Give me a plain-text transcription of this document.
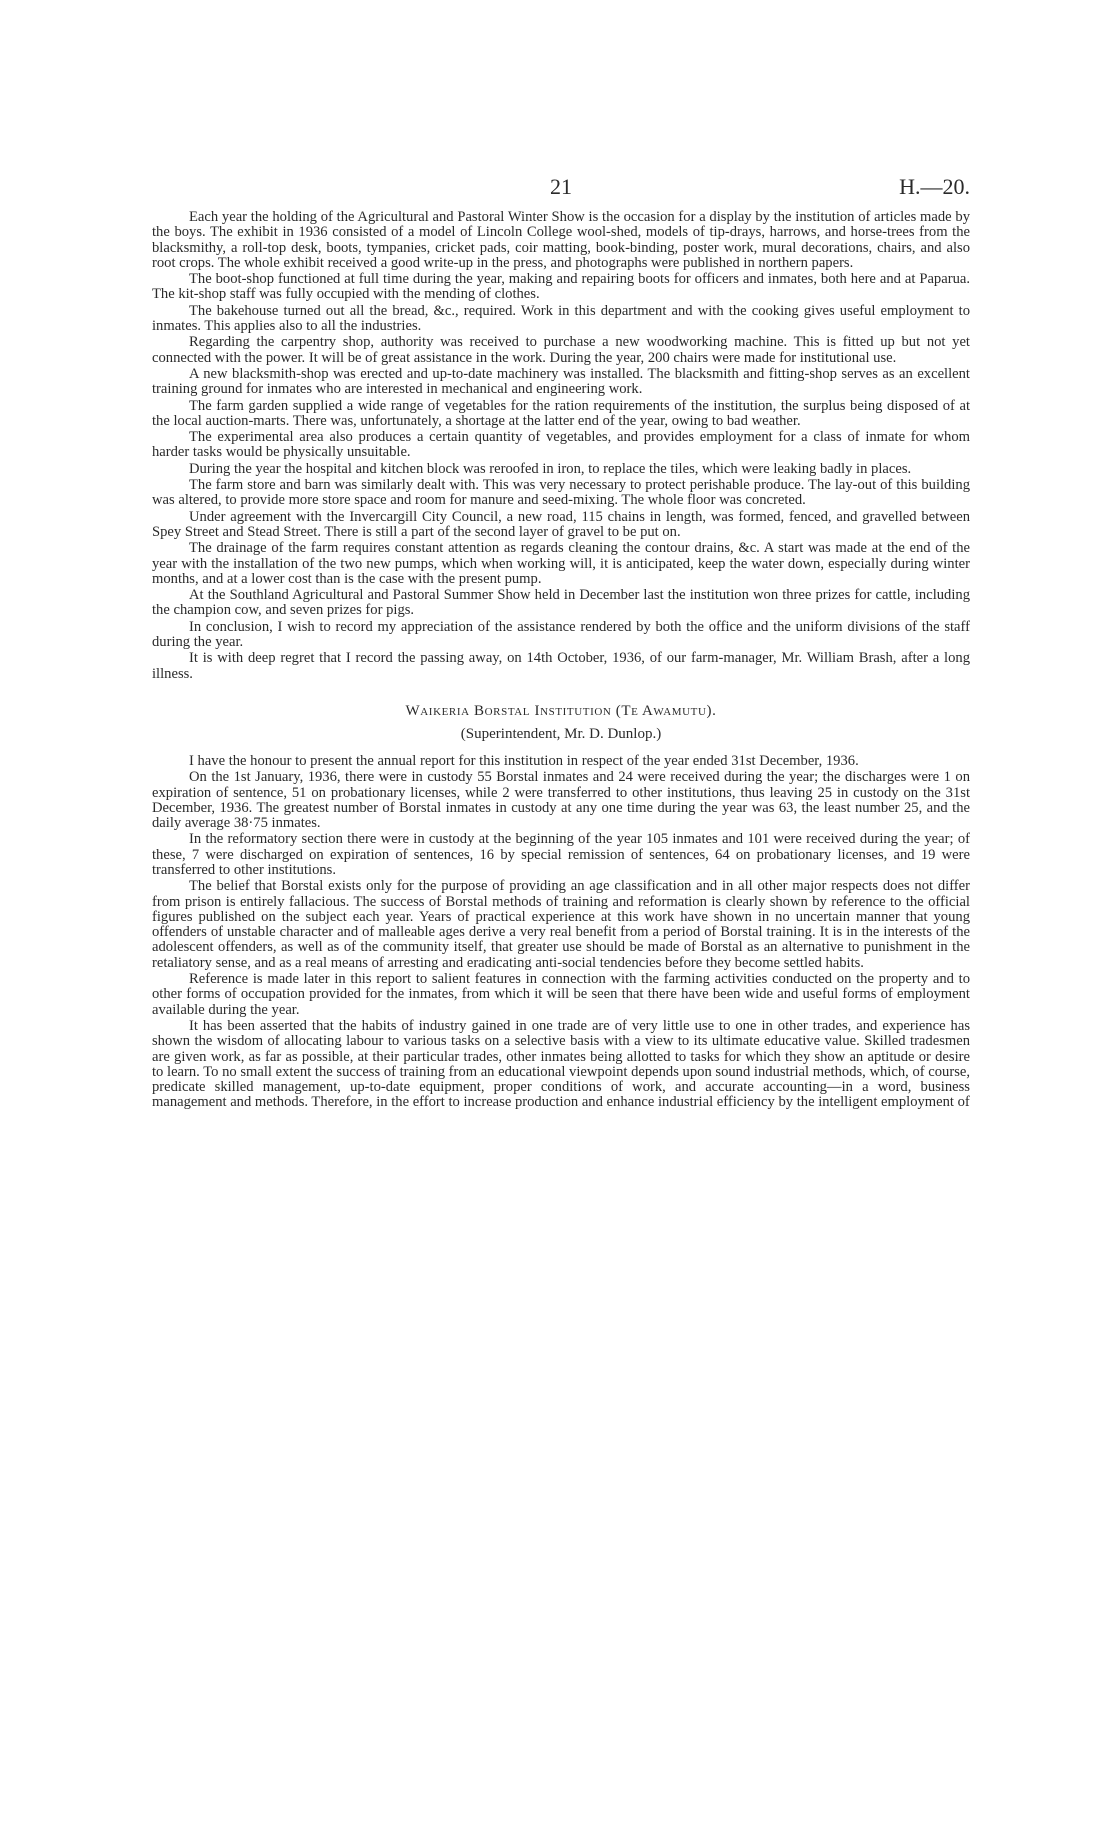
21	H.—20.

Each year the holding of the Agricultural and Pastoral Winter Show is the occasion for a display by the institution of articles made by the boys. The exhibit in 1936 consisted of a model of Lincoln College wool-shed, models of tip-drays, harrows, and horse-trees from the blacksmithy, a roll-top desk, boots, tympanies, cricket pads, coir matting, book-binding, poster work, mural decorations, chairs, and also root crops. The whole exhibit received a good write-up in the press, and photographs were published in northern papers.

The boot-shop functioned at full time during the year, making and repairing boots for officers and inmates, both here and at Paparua. The kit-shop staff was fully occupied with the mending of clothes.

The bakehouse turned out all the bread, &c., required. Work in this department and with the cooking gives useful employment to inmates. This applies also to all the industries.

Regarding the carpentry shop, authority was received to purchase a new woodworking machine. This is fitted up but not yet connected with the power. It will be of great assistance in the work. During the year, 200 chairs were made for institutional use.

A new blacksmith-shop was erected and up-to-date machinery was installed. The blacksmith and fitting-shop serves as an excellent training ground for inmates who are interested in mechanical and engineering work.

The farm garden supplied a wide range of vegetables for the ration requirements of the institution, the surplus being disposed of at the local auction-marts. There was, unfortunately, a shortage at the latter end of the year, owing to bad weather.

The experimental area also produces a certain quantity of vegetables, and provides employment for a class of inmate for whom harder tasks would be physically unsuitable.

During the year the hospital and kitchen block was reroofed in iron, to replace the tiles, which were leaking badly in places.

The farm store and barn was similarly dealt with. This was very necessary to protect perishable produce. The lay-out of this building was altered, to provide more store space and room for manure and seed-mixing. The whole floor was concreted.

Under agreement with the Invercargill City Council, a new road, 115 chains in length, was formed, fenced, and gravelled between Spey Street and Stead Street. There is still a part of the second layer of gravel to be put on.

The drainage of the farm requires constant attention as regards cleaning the contour drains, &c. A start was made at the end of the year with the installation of the two new pumps, which when working will, it is anticipated, keep the water down, especially during winter months, and at a lower cost than is the case with the present pump.

At the Southland Agricultural and Pastoral Summer Show held in December last the institution won three prizes for cattle, including the champion cow, and seven prizes for pigs.

In conclusion, I wish to record my appreciation of the assistance rendered by both the office and the uniform divisions of the staff during the year.

It is with deep regret that I record the passing away, on 14th October, 1936, of our farm-manager, Mr. William Brash, after a long illness.

Waikeria Borstal Institution (Te Awamutu).
(Superintendent, Mr. D. Dunlop.)

I have the honour to present the annual report for this institution in respect of the year ended 31st December, 1936.

On the 1st January, 1936, there were in custody 55 Borstal inmates and 24 were received during the year; the discharges were 1 on expiration of sentence, 51 on probationary licenses, while 2 were transferred to other institutions, thus leaving 25 in custody on the 31st December, 1936. The greatest number of Borstal inmates in custody at any one time during the year was 63, the least number 25, and the daily average 38·75 inmates.

In the reformatory section there were in custody at the beginning of the year 105 inmates and 101 were received during the year; of these, 7 were discharged on expiration of sentences, 16 by special remission of sentences, 64 on probationary licenses, and 19 were transferred to other institutions.

The belief that Borstal exists only for the purpose of providing an age classification and in all other major respects does not differ from prison is entirely fallacious. The success of Borstal methods of training and reformation is clearly shown by reference to the official figures published on the subject each year. Years of practical experience at this work have shown in no uncertain manner that young offenders of unstable character and of malleable ages derive a very real benefit from a period of Borstal training. It is in the interests of the adolescent offenders, as well as of the community itself, that greater use should be made of Borstal as an alternative to punishment in the retaliatory sense, and as a real means of arresting and eradicating anti-social tendencies before they become settled habits.

Reference is made later in this report to salient features in connection with the farming activities conducted on the property and to other forms of occupation provided for the inmates, from which it will be seen that there have been wide and useful forms of employment available during the year.

It has been asserted that the habits of industry gained in one trade are of very little use to one in other trades, and experience has shown the wisdom of allocating labour to various tasks on a selective basis with a view to its ultimate educative value. Skilled tradesmen are given work, as far as possible, at their particular trades, other inmates being allotted to tasks for which they show an aptitude or desire to learn. To no small extent the success of training from an educational viewpoint depends upon sound industrial methods, which, of course, predicate skilled management, up-to-date equipment, proper conditions of work, and accurate accounting—in a word, business management and methods. Therefore, in the effort to increase production and enhance industrial efficiency by the intelligent employment of
